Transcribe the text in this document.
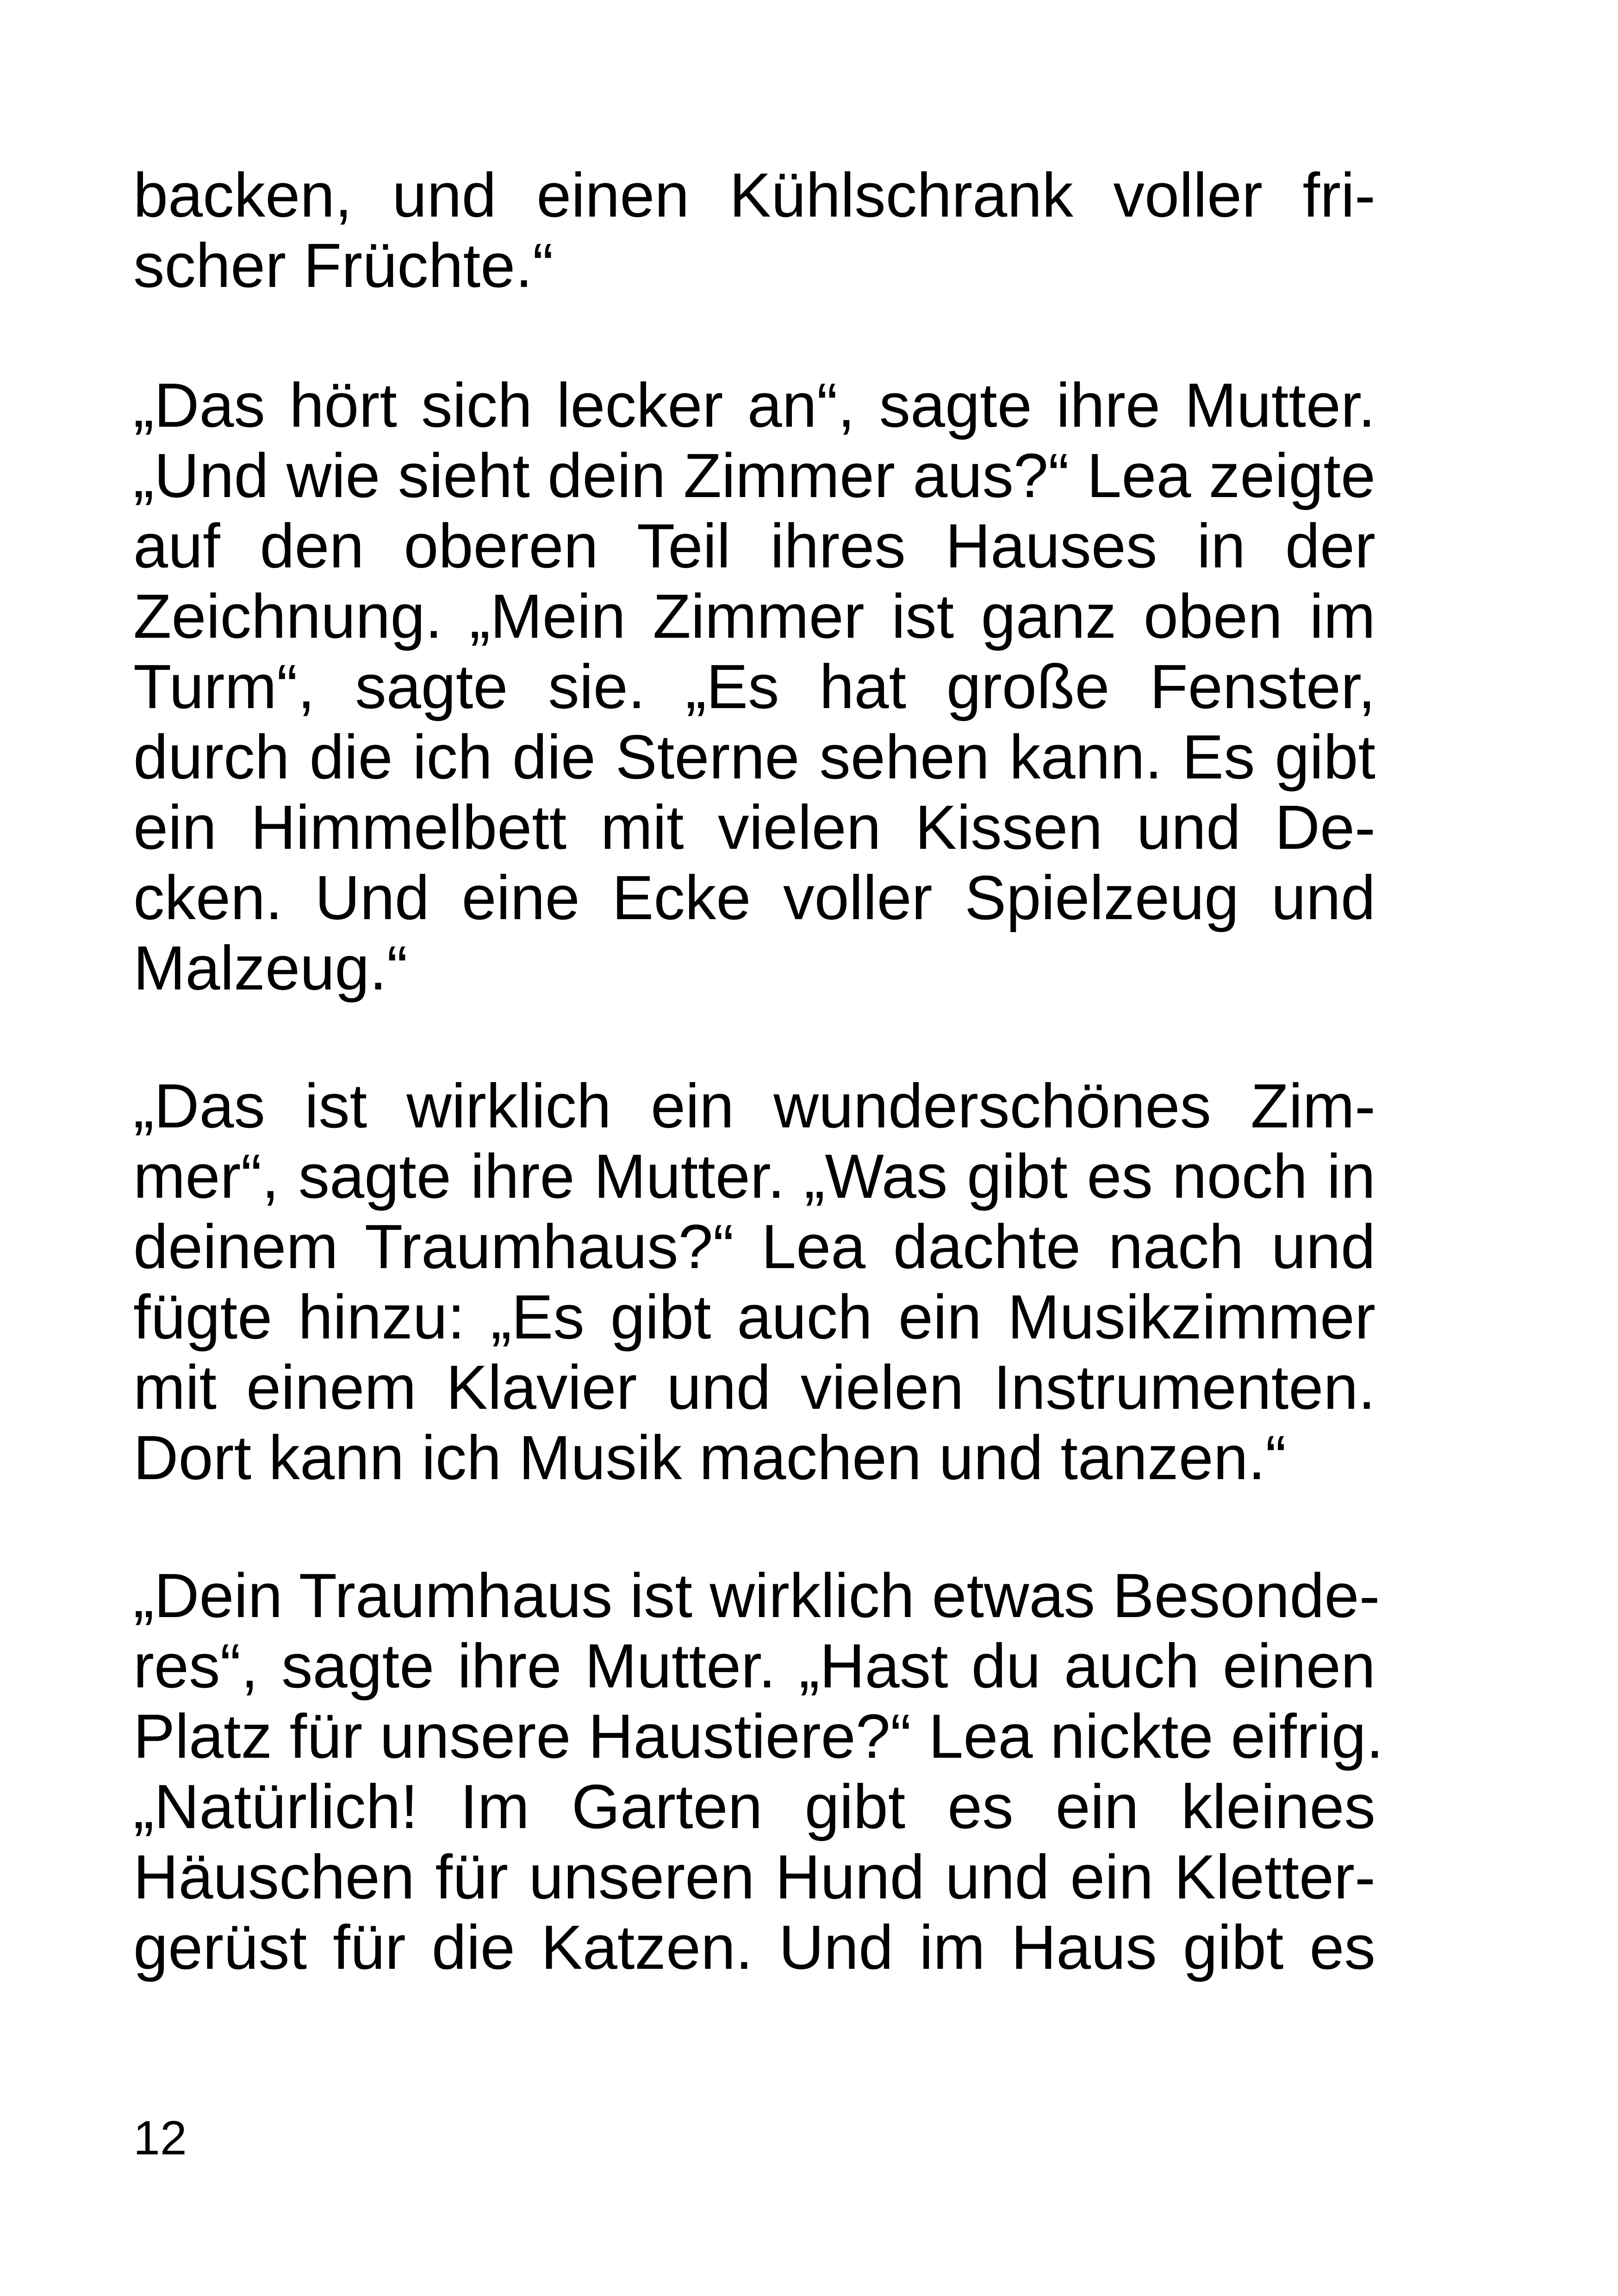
backen, und einen Kühlschrank voller fri-
scher Früchte.“
„Das hört sich lecker an“, sagte ihre Mutter.
„Und wie sieht dein Zimmer aus?“ Lea zeigte
auf den oberen Teil ihres Hauses in der
Zeichnung. „Mein Zimmer ist ganz oben im
Turm“, sagte sie. „Es hat große Fenster,
durch die ich die Sterne sehen kann. Es gibt
ein Himmelbett mit vielen Kissen und De-
cken. Und eine Ecke voller Spielzeug und
Malzeug.“
„Das ist wirklich ein wunderschönes Zim-
mer“, sagte ihre Mutter. „Was gibt es noch in
deinem Traumhaus?“ Lea dachte nach und
fügte hinzu: „Es gibt auch ein Musikzimmer
mit einem Klavier und vielen Instrumenten.
Dort kann ich Musik machen und tanzen.“
„Dein Traumhaus ist wirklich etwas Besonde-
res“, sagte ihre Mutter. „Hast du auch einen
Platz für unsere Haustiere?“ Lea nickte eifrig.
„Natürlich! Im Garten gibt es ein kleines
Häuschen für unseren Hund und ein Kletter-
gerüst für die Katzen. Und im Haus gibt es
12
